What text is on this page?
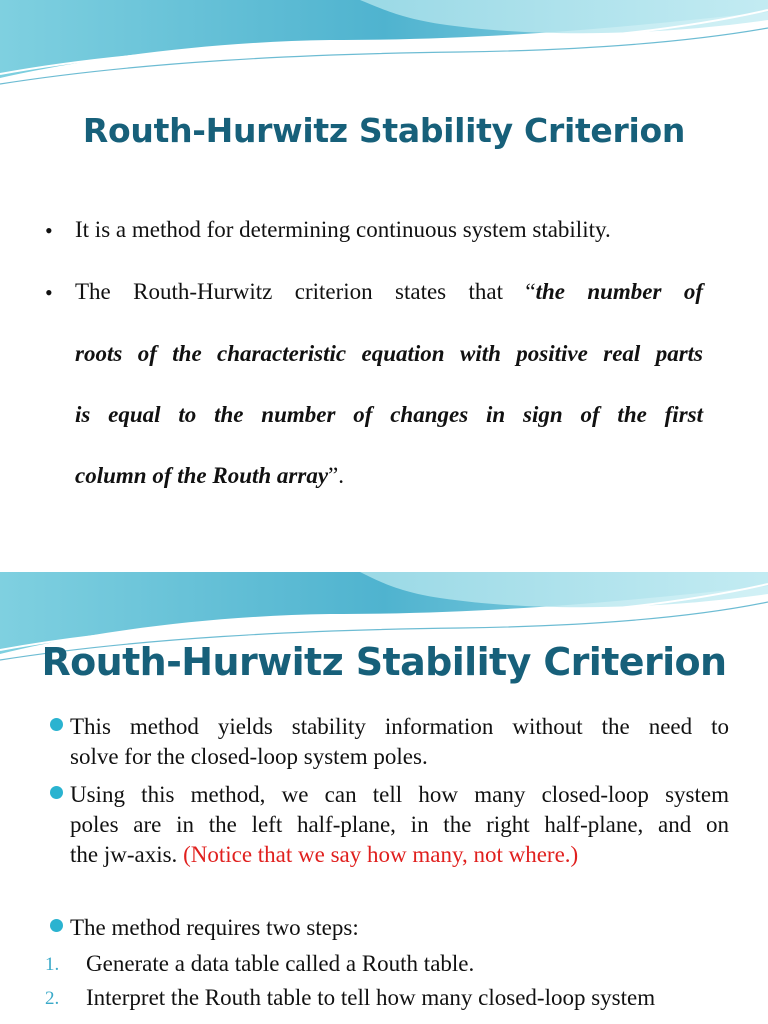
Routh-Hurwitz Stability Criterion
• It is a method for determining continuous system stability.
• The Routh-Hurwitz criterion states that “the number of
roots of the characteristic equation with positive real parts
is equal to the number of changes in sign of the first
column of the Routh array”.
Routh-Hurwitz Stability Criterion
This method yields stability information without the need to
solve for the closed-loop system poles.
Using this method, we can tell how many closed-loop system
poles are in the left half-plane, in the right half-plane, and on
the jw-axis. (Notice that we say how many, not where.)
The method requires two steps:
1. Generate a data table called a Routh table.
2. Interpret the Routh table to tell how many closed-loop system
